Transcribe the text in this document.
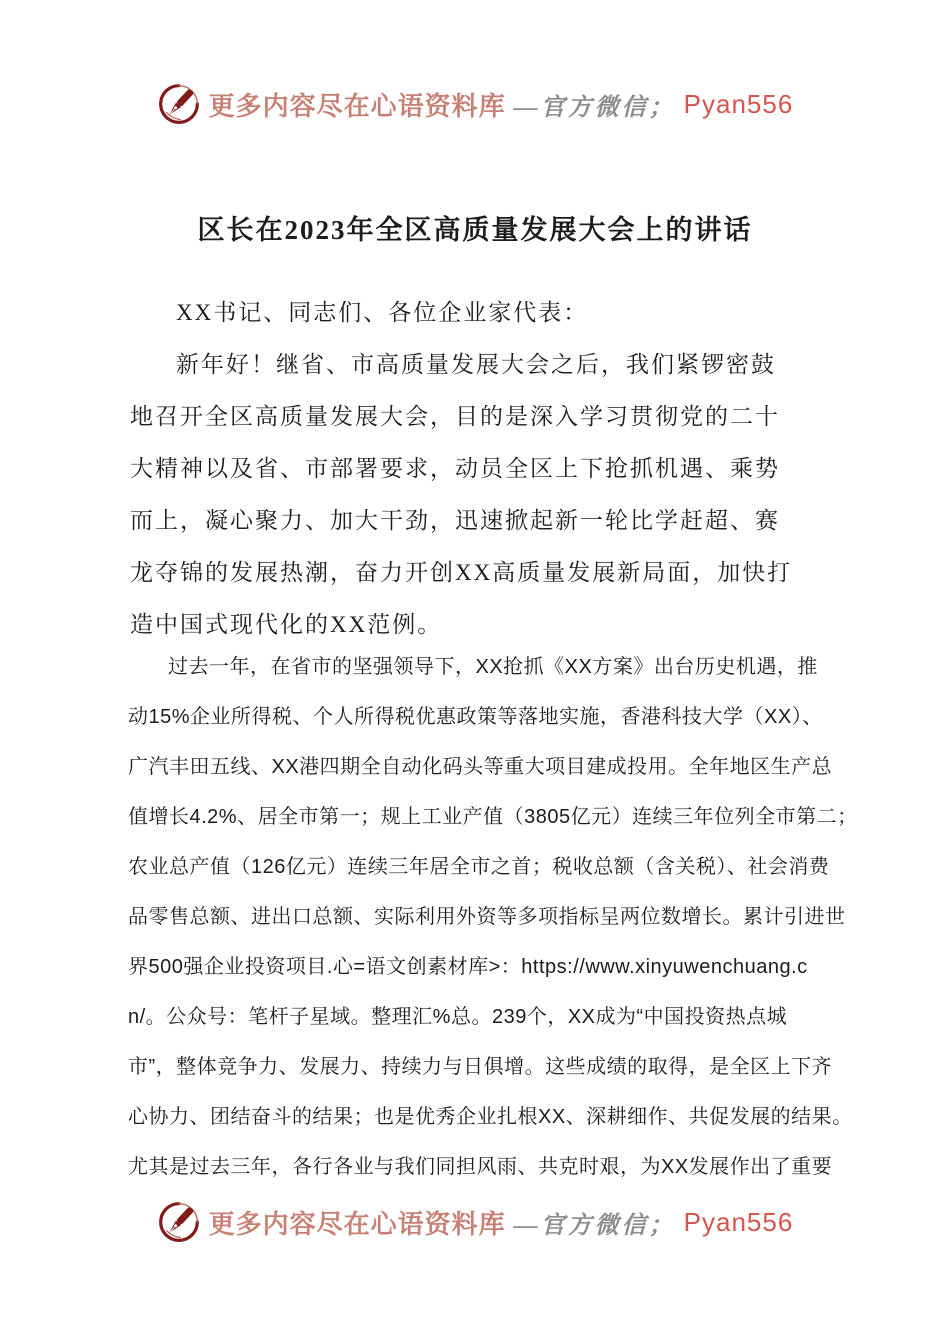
更多内容尽在心语资料库 —官方微信； Pyan556
区长在2023年全区高质量发展大会上的讲话
XX书记、同志们、各位企业家代表：
新年好！继省、市高质量发展大会之后，我们紧锣密鼓
地召开全区高质量发展大会，目的是深入学习贯彻党的二十
大精神以及省、市部署要求，动员全区上下抢抓机遇、乘势
而上，凝心聚力、加大干劲，迅速掀起新一轮比学赶超、赛
龙夺锦的发展热潮，奋力开创XX高质量发展新局面，加快打
造中国式现代化的XX范例。
过去一年，在省市的坚强领导下，XX抢抓《XX方案》出台历史机遇，推
动15%企业所得税、个人所得税优惠政策等落地实施，香港科技大学（XX）、
广汽丰田五线、XX港四期全自动化码头等重大项目建成投用。全年地区生产总
值增长4.2%、居全市第一；规上工业产值（3805亿元）连续三年位列全市第二；
农业总产值（126亿元）连续三年居全市之首；税收总额（含关税）、社会消费
品零售总额、进出口总额、实际利用外资等多项指标呈两位数增长。累计引进世
界500强企业投资项目.心=语文创素材库>：https://www.xinyuwenchuang.c
n/。公众号：笔杆子星域。整理汇%总。239个，XX成为“中国投资热点城
市”，整体竞争力、发展力、持续力与日俱增。这些成绩的取得，是全区上下齐
心协力、团结奋斗的结果；也是优秀企业扎根XX、深耕细作、共促发展的结果。
尤其是过去三年，各行各业与我们同担风雨、共克时艰，为XX发展作出了重要
更多内容尽在心语资料库 —官方微信； Pyan556
